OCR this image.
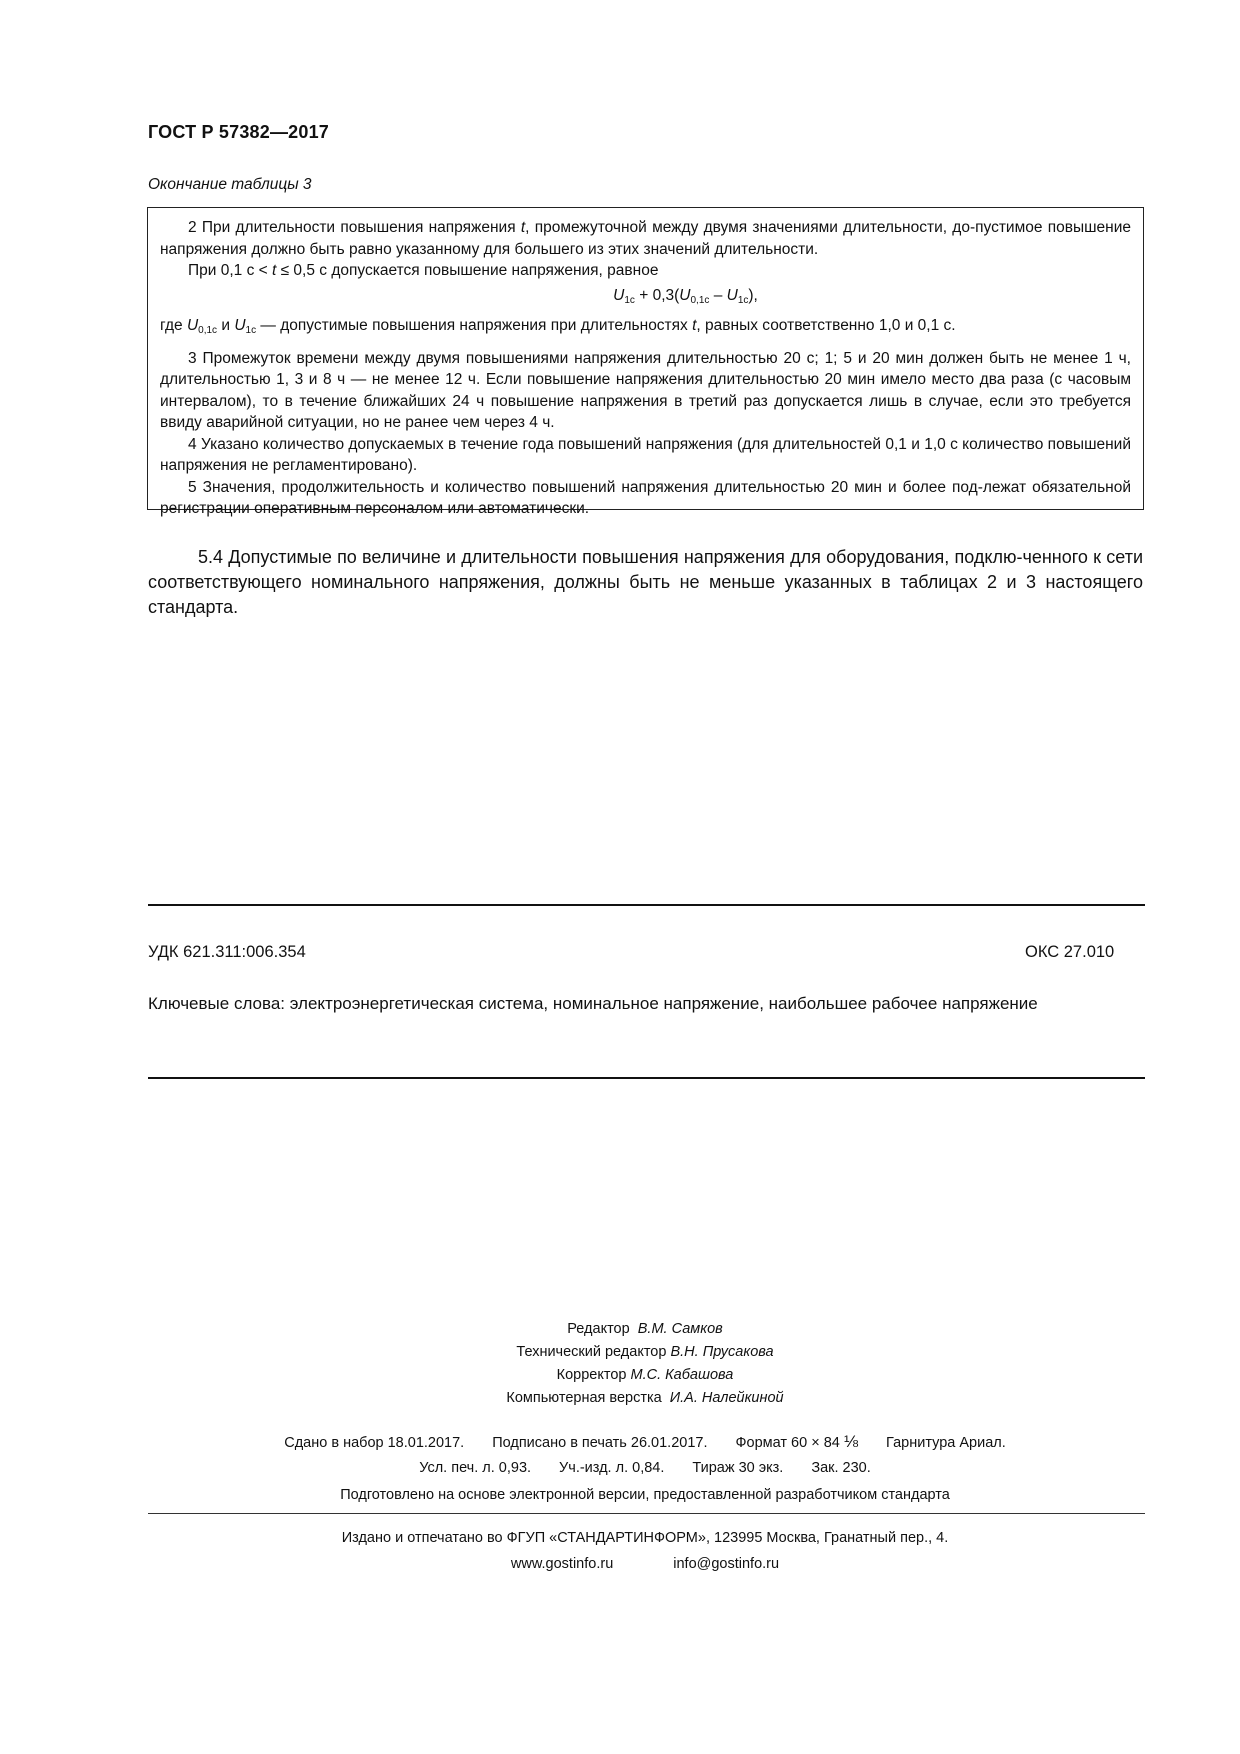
ГОСТ Р 57382—2017
Окончание таблицы 3

2 При длительности повышения напряжения t, промежуточной между двумя значениями длительности, до-пустимое повышение напряжения должно быть равно указанному для большего из этих значений длительности.

При 0,1 с < t ≤ 0,5 с допускается повышение напряжения, равное

$U_{1с} + 0,3(U_{0,1с} - U_{1с})$,

где $U_{0,1с}$ и $U_{1с}$ — допустимые повышения напряжения при длительностях t, равных соответственно 1,0 и 0,1 с.

3 Промежуток времени между двумя повышениями напряжения длительностью 20 с; 1; 5 и 20 мин должен быть не менее 1 ч, длительностью 1, 3 и 8 ч — не менее 12 ч. Если повышение напряжения длительностью 20 мин имело место два раза (с часовым интервалом), то в течение ближайших 24 ч повышение напряжения в третий раз допускается лишь в случае, если это требуется ввиду аварийной ситуации, но не ранее чем через 4 ч.

4 Указано количество допускаемых в течение года повышений напряжения (для длительностей 0,1 и 1,0 с количество повышений напряжения не регламентировано).

5 Значения, продолжительность и количество повышений напряжения длительностью 20 мин и более под-лежат обязательной регистрации оперативным персоналом или автоматически.

5.4 Допустимые по величине и длительности повышения напряжения для оборудования, подклю-ченного к сети соответствующего номинального напряжения, должны быть не меньше указанных в таблицах 2 и 3 настоящего стандарта.
УДК 621.311:006.354	ОКС 27.010
Ключевые слова: электроэнергетическая система, номинальное напряжение, наибольшее рабочее напряжение
Редактор В.М. Самков
Технический редактор В.Н. Прусакова
Корректор М.С. Кабашова
Компьютерная верстка И.А. Налейкиной
Сдано в набор 18.01.2017. Подписано в печать 26.01.2017. Формат 60 × 84 ⅛ Гарнитура Ариал.
Усл. печ. л. 0,93. Уч.-изд. л. 0,84. Тираж 30 экз. Зак. 230.
Подготовлено на основе электронной версии, предоставленной разработчиком стандарта
Издано и отпечатано во ФГУП «СТАНДАРТИНФОРМ», 123995 Москва, Гранатный пер., 4.
www.gostinfo.ru	info@gostinfo.ru
